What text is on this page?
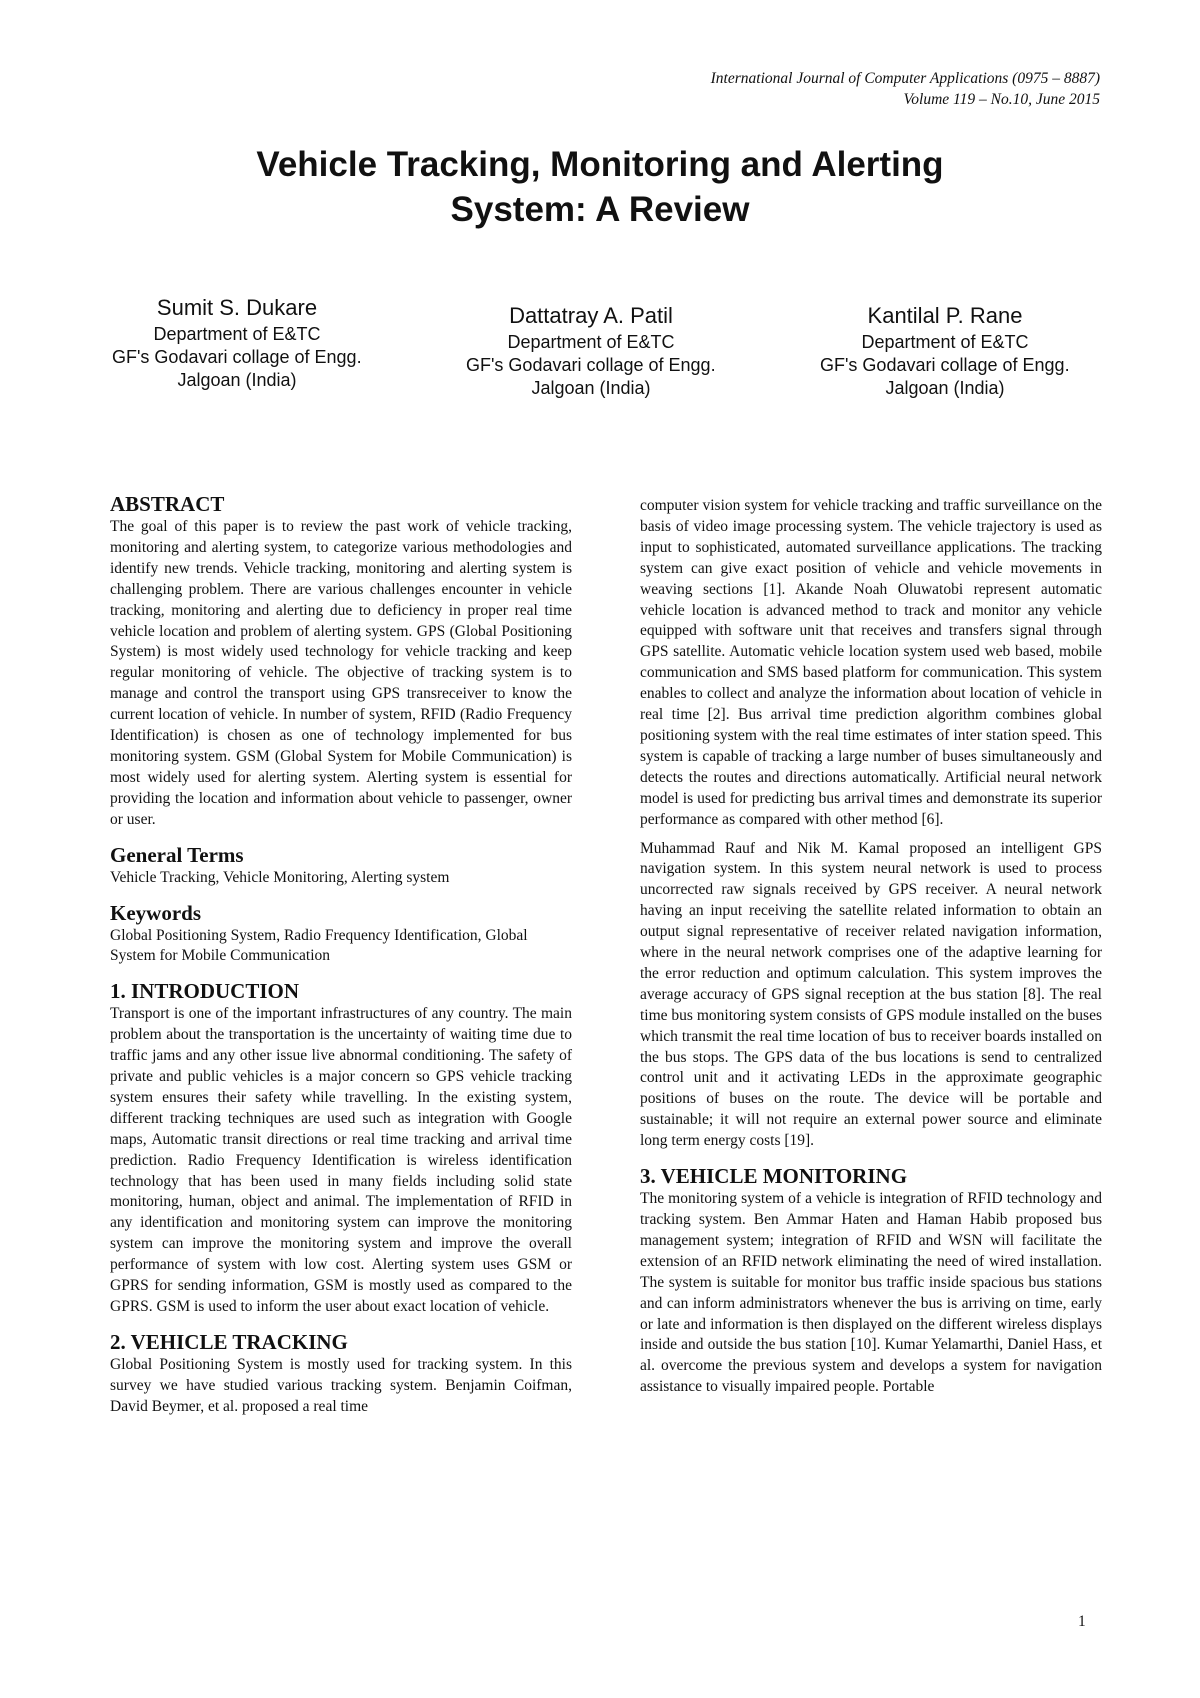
International Journal of Computer Applications (0975 – 8887)
Volume 119 – No.10, June 2015
Vehicle Tracking, Monitoring and Alerting
System: A Review
Sumit S. Dukare
Department of E&TC
GF's Godavari collage of Engg.
Jalgoan (India)
Dattatray A. Patil
Department of E&TC
GF's Godavari collage of Engg.
Jalgoan (India)
Kantilal P. Rane
Department of E&TC
GF's Godavari collage of Engg.
Jalgoan (India)
ABSTRACT

The goal of this paper is to review the past work of vehicle tracking, monitoring and alerting system, to categorize various methodologies and identify new trends. Vehicle tracking, monitoring and alerting system is challenging problem. There are various challenges encounter in vehicle tracking, monitoring and alerting due to deficiency in proper real time vehicle location and problem of alerting system. GPS (Global Positioning System) is most widely used technology for vehicle tracking and keep regular monitoring of vehicle. The objective of tracking system is to manage and control the transport using GPS transreceiver to know the current location of vehicle. In number of system, RFID (Radio Frequency Identification) is chosen as one of technology implemented for bus monitoring system. GSM (Global System for Mobile Communication) is most widely used for alerting system. Alerting system is essential for providing the location and information about vehicle to passenger, owner or user.

General Terms

Vehicle Tracking, Vehicle Monitoring, Alerting system

Keywords

Global Positioning System, Radio Frequency Identification, Global System for Mobile Communication

1. INTRODUCTION

Transport is one of the important infrastructures of any country. The main problem about the transportation is the uncertainty of waiting time due to traffic jams and any other issue live abnormal conditioning. The safety of private and public vehicles is a major concern so GPS vehicle tracking system ensures their safety while travelling. In the existing system, different tracking techniques are used such as integration with Google maps, Automatic transit directions or real time tracking and arrival time prediction. Radio Frequency Identification is wireless identification technology that has been used in many fields including solid state monitoring, human, object and animal. The implementation of RFID in any identification and monitoring system can improve the monitoring system can improve the monitoring system and improve the overall performance of system with low cost. Alerting system uses GSM or GPRS for sending information, GSM is mostly used as compared to the GPRS. GSM is used to inform the user about exact location of vehicle.

2. VEHICLE TRACKING

Global Positioning System is mostly used for tracking system. In this survey we have studied various tracking system. Benjamin Coifman, David Beymer, et al. proposed a real time

computer vision system for vehicle tracking and traffic surveillance on the basis of video image processing system. The vehicle trajectory is used as input to sophisticated, automated surveillance applications. The tracking system can give exact position of vehicle and vehicle movements in weaving sections [1]. Akande Noah Oluwatobi represent automatic vehicle location is advanced method to track and monitor any vehicle equipped with software unit that receives and transfers signal through GPS satellite. Automatic vehicle location system used web based, mobile communication and SMS based platform for communication. This system enables to collect and analyze the information about location of vehicle in real time [2]. Bus arrival time prediction algorithm combines global positioning system with the real time estimates of inter station speed. This system is capable of tracking a large number of buses simultaneously and detects the routes and directions automatically. Artificial neural network model is used for predicting bus arrival times and demonstrate its superior performance as compared with other method [6].

Muhammad Rauf and Nik M. Kamal proposed an intelligent GPS navigation system. In this system neural network is used to process uncorrected raw signals received by GPS receiver. A neural network having an input receiving the satellite related information to obtain an output signal representative of receiver related navigation information, where in the neural network comprises one of the adaptive learning for the error reduction and optimum calculation. This system improves the average accuracy of GPS signal reception at the bus station [8]. The real time bus monitoring system consists of GPS module installed on the buses which transmit the real time location of bus to receiver boards installed on the bus stops. The GPS data of the bus locations is send to centralized control unit and it activating LEDs in the approximate geographic positions of buses on the route. The device will be portable and sustainable; it will not require an external power source and eliminate long term energy costs [19].

3. VEHICLE MONITORING

The monitoring system of a vehicle is integration of RFID technology and tracking system. Ben Ammar Haten and Haman Habib proposed bus management system; integration of RFID and WSN will facilitate the extension of an RFID network eliminating the need of wired installation. The system is suitable for monitor bus traffic inside spacious bus stations and can inform administrators whenever the bus is arriving on time, early or late and information is then displayed on the different wireless displays inside and outside the bus station [10]. Kumar Yelamarthi, Daniel Hass, et al. overcome the previous system and develops a system for navigation assistance to visually impaired people. Portable

1
